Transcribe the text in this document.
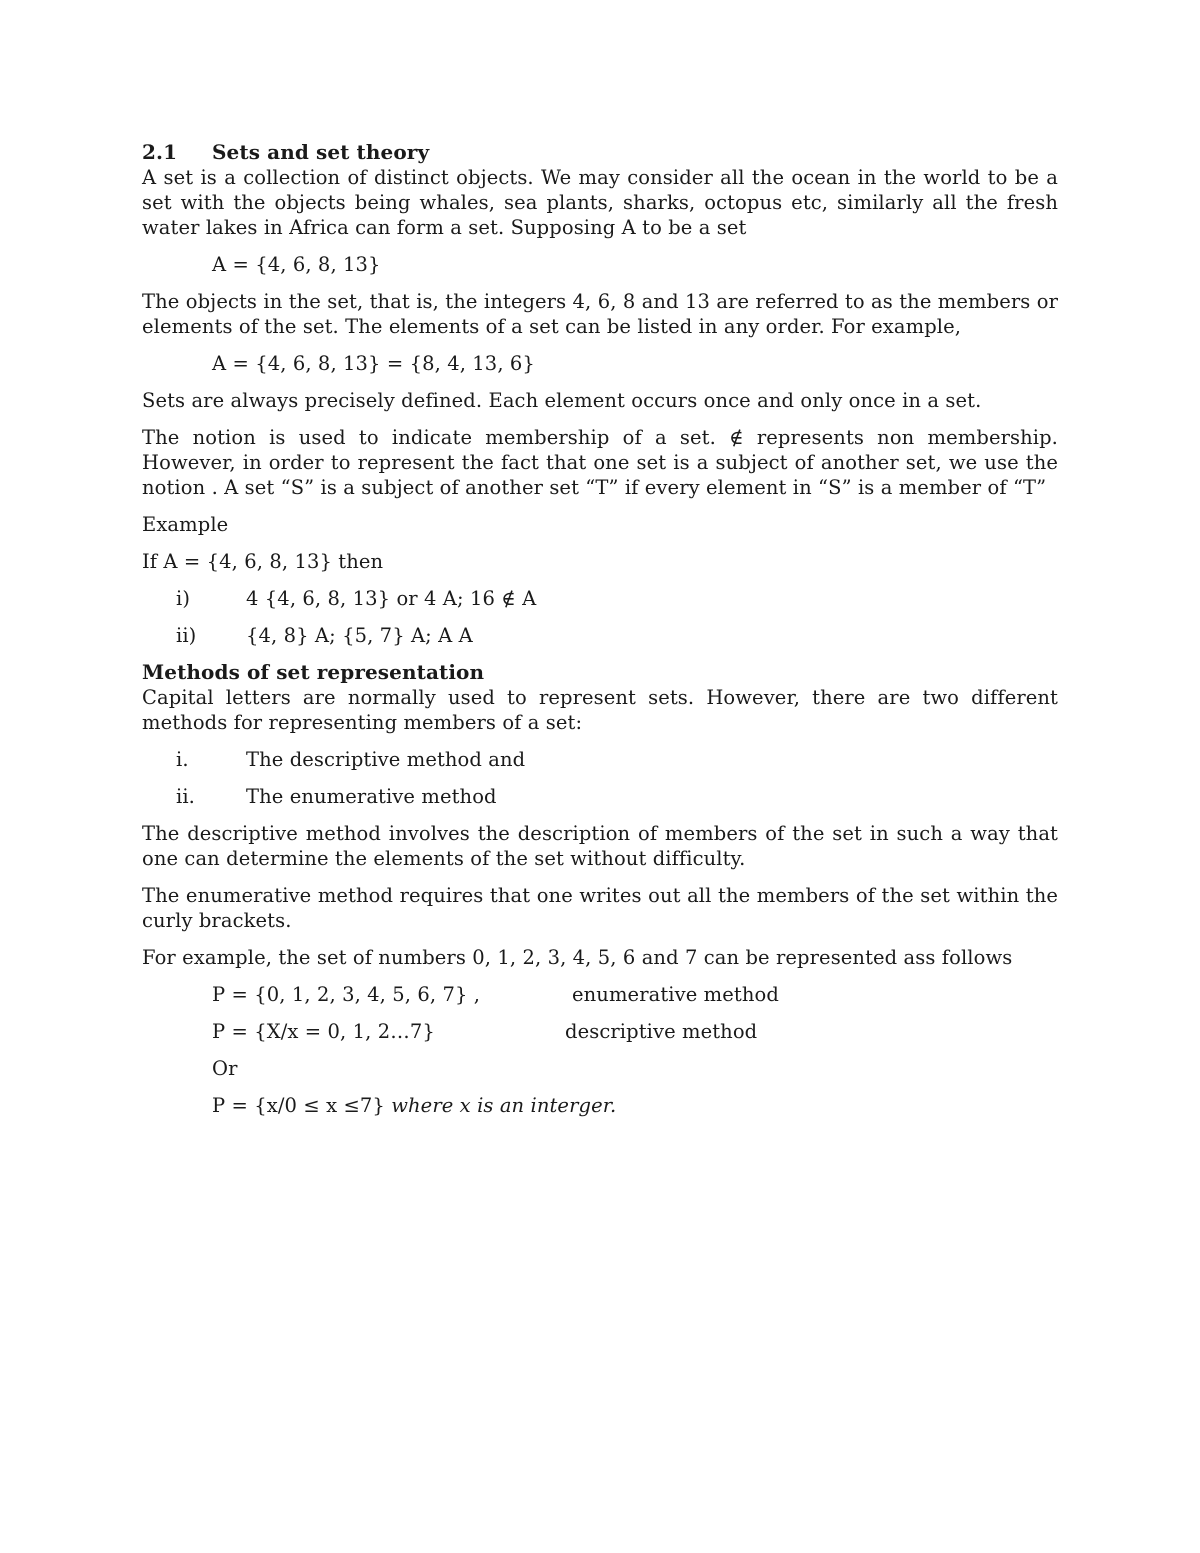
2.1 Sets and set theory

A set is a collection of distinct objects. We may consider all the ocean in the world to be a set with the objects being whales, sea plants, sharks, octopus etc, similarly all the fresh water lakes in Africa can form a set. Supposing A to be a set

A = {4, 6, 8, 13}

The objects in the set, that is, the integers 4, 6, 8 and 13 are referred to as the members or elements of the set. The elements of a set can be listed in any order. For example,

A = {4, 6, 8, 13} = {8, 4, 13, 6}

Sets are always precisely defined. Each element occurs once and only once in a set.

The notion is used to indicate membership of a set. ∉ represents non membership. However, in order to represent the fact that one set is a subject of another set, we use the notion . A set “S” is a subject of another set “T” if every element in “S” is a member of “T”

Example

If A = {4, 6, 8, 13} then

i)	4 {4, 6, 8, 13} or 4 A; 16 ∉ A
ii)	{4, 8} A; {5, 7} A; A A

Methods of set representation

Capital letters are normally used to represent sets. However, there are two different methods for representing members of a set:

i.	The descriptive method and
ii.	The enumerative method

The descriptive method involves the description of members of the set in such a way that one can determine the elements of the set without difficulty.

The enumerative method requires that one writes out all the members of the set within the curly brackets.

For example, the set of numbers 0, 1, 2, 3, 4, 5, 6 and 7 can be represented ass follows

P = {0, 1, 2, 3, 4, 5, 6, 7} ,	enumerative method

P = {X/x = 0, 1, 2…7}	descriptive method

Or

P = {x/0 ≤ x ≤7} where x is an interger.
